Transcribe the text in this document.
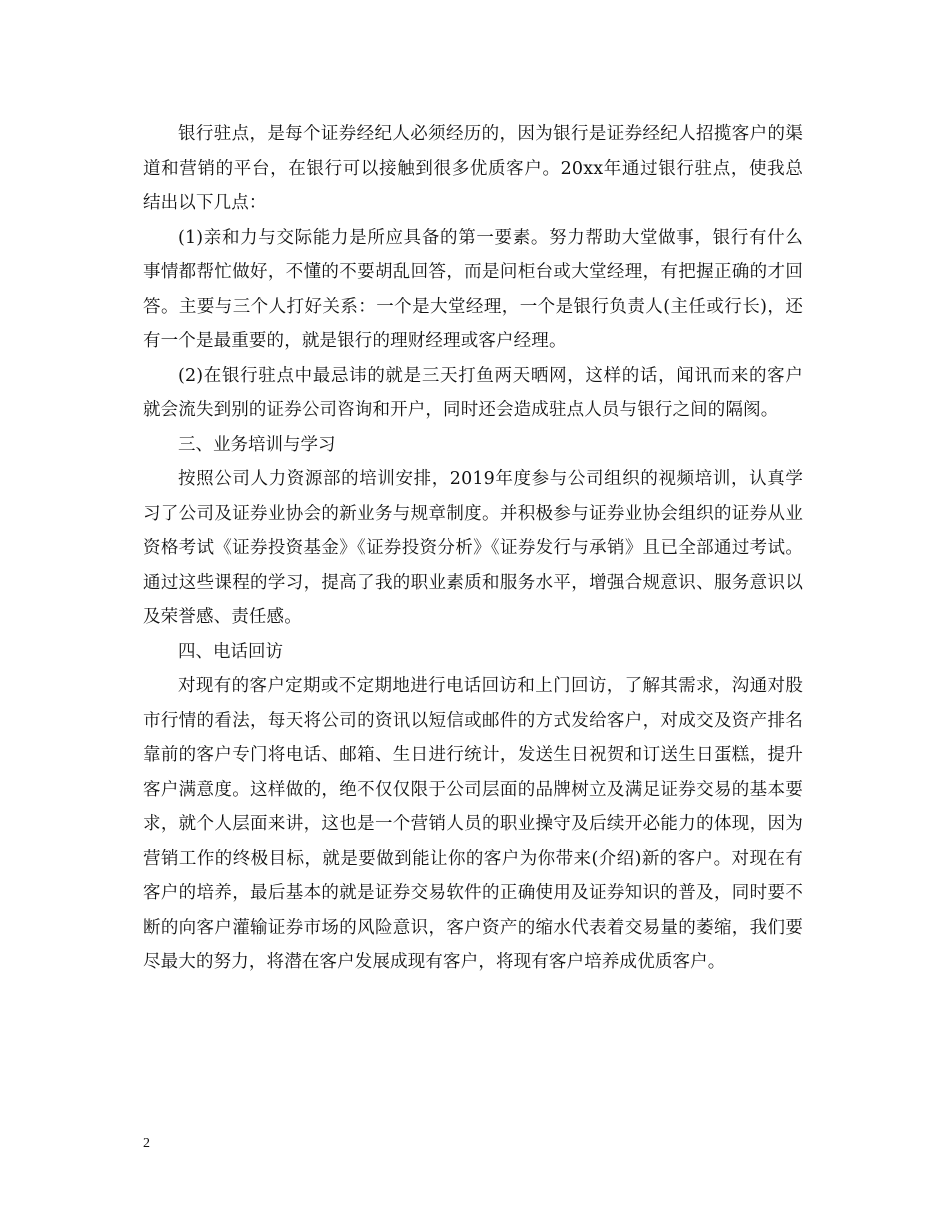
银行驻点，是每个证券经纪人必须经历的，因为银行是证券经纪人招揽客户的渠道和营销的平台，在银行可以接触到很多优质客户。20xx年通过银行驻点，使我总结出以下几点：

(1)亲和力与交际能力是所应具备的第一要素。努力帮助大堂做事，银行有什么事情都帮忙做好，不懂的不要胡乱回答，而是问柜台或大堂经理，有把握正确的才回答。主要与三个人打好关系：一个是大堂经理，一个是银行负责人(主任或行长)，还有一个是最重要的，就是银行的理财经理或客户经理。

(2)在银行驻点中最忌讳的就是三天打鱼两天晒网，这样的话，闻讯而来的客户就会流失到别的证券公司咨询和开户，同时还会造成驻点人员与银行之间的隔阂。

三、业务培训与学习

按照公司人力资源部的培训安排，2019年度参与公司组织的视频培训，认真学习了公司及证券业协会的新业务与规章制度。并积极参与证券业协会组织的证券从业资格考试《证券投资基金》《证券投资分析》《证券发行与承销》且已全部通过考试。通过这些课程的学习，提高了我的职业素质和服务水平，增强合规意识、服务意识以及荣誉感、责任感。

四、电话回访

对现有的客户定期或不定期地进行电话回访和上门回访，了解其需求，沟通对股市行情的看法，每天将公司的资讯以短信或邮件的方式发给客户，对成交及资产排名靠前的客户专门将电话、邮箱、生日进行统计，发送生日祝贺和订送生日蛋糕，提升客户满意度。这样做的，绝不仅仅限于公司层面的品牌树立及满足证券交易的基本要求，就个人层面来讲，这也是一个营销人员的职业操守及后续开必能力的体现，因为营销工作的终极目标，就是要做到能让你的客户为你带来(介绍)新的客户。对现在有客户的培养，最后基本的就是证券交易软件的正确使用及证券知识的普及，同时要不断的向客户灌输证券市场的风险意识，客户资产的缩水代表着交易量的萎缩，我们要尽最大的努力，将潜在客户发展成现有客户，将现有客户培养成优质客户。

2
